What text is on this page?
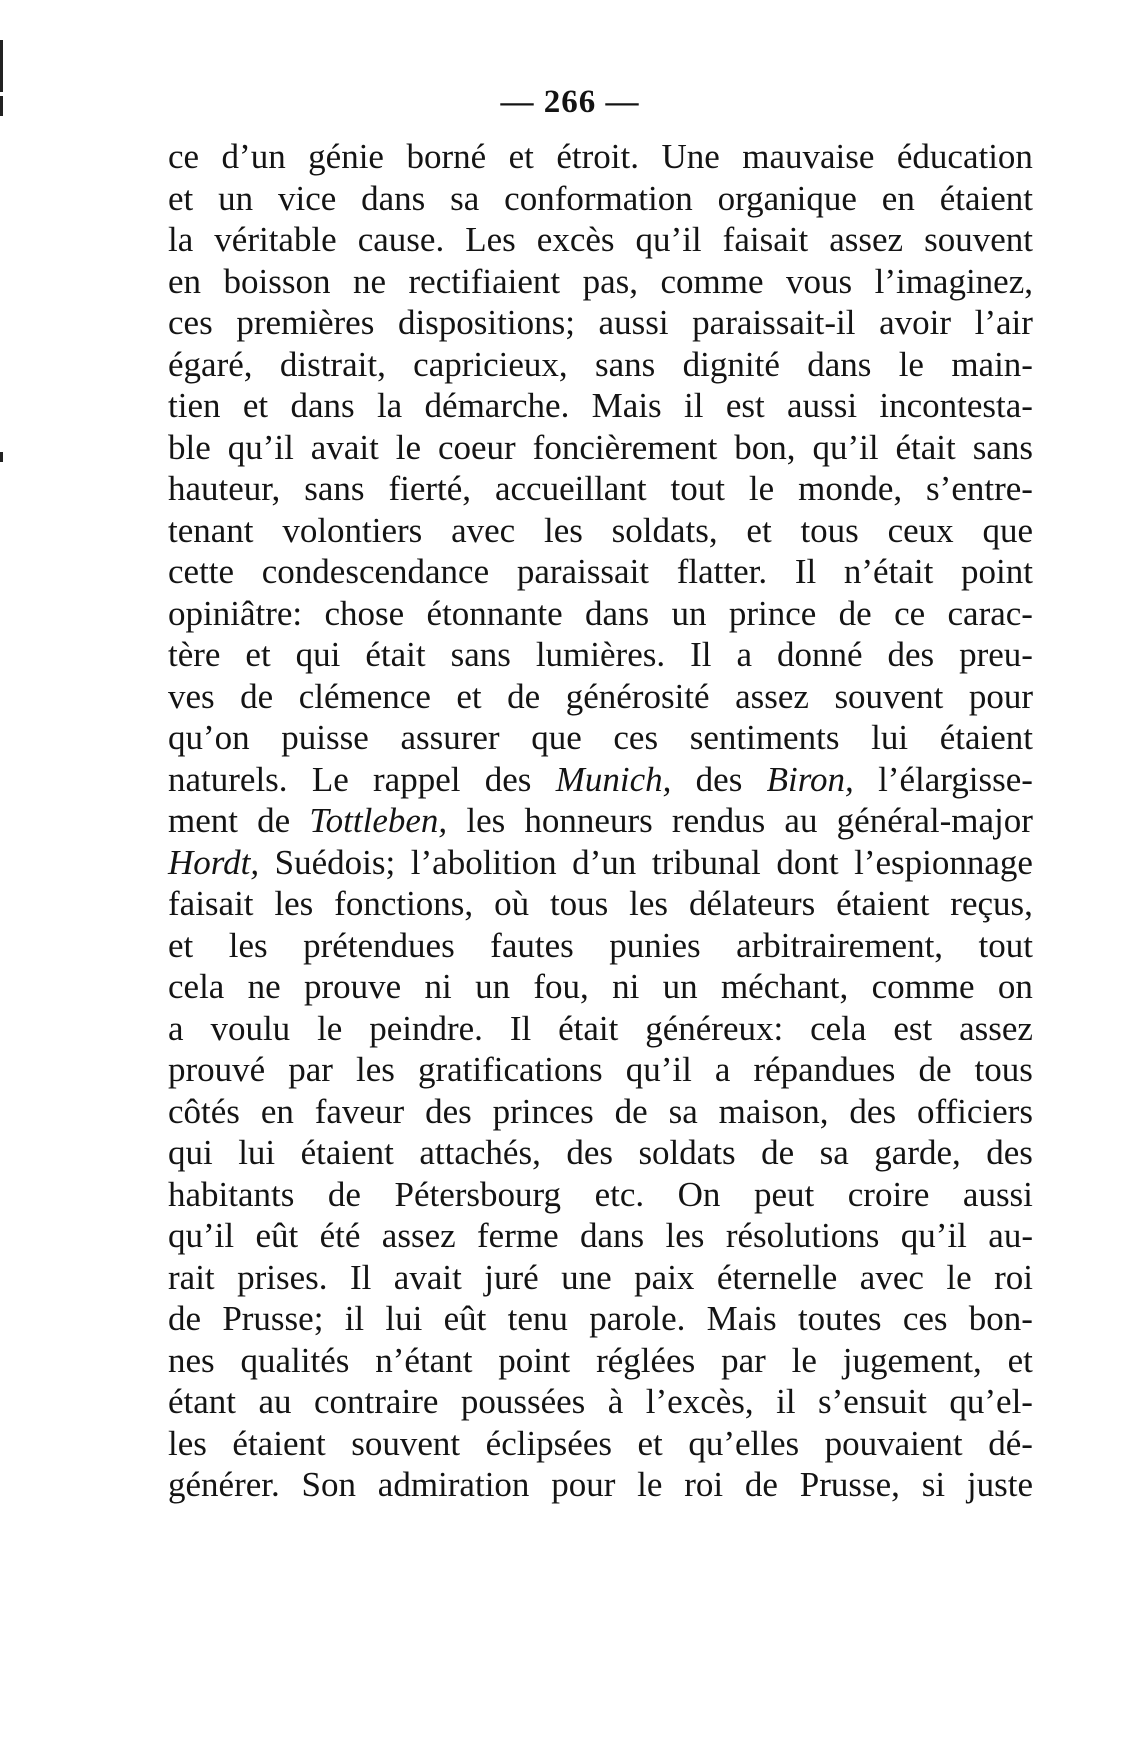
— 266 —
ce d’un génie borné et étroit. Une mauvaise éducation
et un vice dans sa conformation organique en étaient
la véritable cause. Les excès qu’il faisait assez souvent
en boisson ne rectifiaient pas, comme vous l’imaginez,
ces premières dispositions; aussi paraissait-il avoir l’air
égaré, distrait, capricieux, sans dignité dans le main-
tien et dans la démarche. Mais il est aussi incontesta-
ble qu’il avait le coeur foncièrement bon, qu’il était sans
hauteur, sans fierté, accueillant tout le monde, s’entre-
tenant volontiers avec les soldats, et tous ceux que
cette condescendance paraissait flatter. Il n’était point
opiniâtre: chose étonnante dans un prince de ce carac-
tère et qui était sans lumières. Il a donné des preu-
ves de clémence et de générosité assez souvent pour
qu’on puisse assurer que ces sentiments lui étaient
naturels. Le rappel des Munich, des Biron, l’élargisse-
ment de Tottleben, les honneurs rendus au général-major
Hordt, Suédois; l’abolition d’un tribunal dont l’espionnage
faisait les fonctions, où tous les délateurs étaient reçus,
et les prétendues fautes punies arbitrairement, tout
cela ne prouve ni un fou, ni un méchant, comme on
a voulu le peindre. Il était généreux: cela est assez
prouvé par les gratifications qu’il a répandues de tous
côtés en faveur des princes de sa maison, des officiers
qui lui étaient attachés, des soldats de sa garde, des
habitants de Pétersbourg etc. On peut croire aussi
qu’il eût été assez ferme dans les résolutions qu’il au-
rait prises. Il avait juré une paix éternelle avec le roi
de Prusse; il lui eût tenu parole. Mais toutes ces bon-
nes qualités n’étant point réglées par le jugement, et
étant au contraire poussées à l’excès, il s’ensuit qu’el-
les étaient souvent éclipsées et qu’elles pouvaient dé-
générer. Son admiration pour le roi de Prusse, si juste
